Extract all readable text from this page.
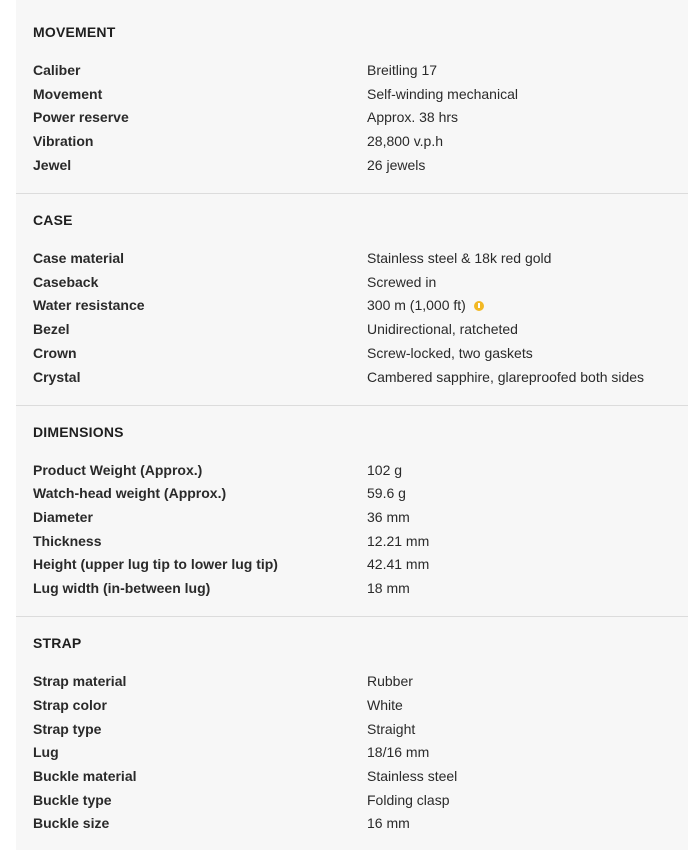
MOVEMENT
Caliber	Breitling 17
Movement	Self-winding mechanical
Power reserve	Approx. 38 hrs
Vibration	28,800 v.p.h
Jewel	26 jewels
CASE
Case material	Stainless steel & 18k red gold
Caseback	Screwed in
Water resistance	300 m (1,000 ft)
Bezel	Unidirectional, ratcheted
Crown	Screw-locked, two gaskets
Crystal	Cambered sapphire, glareproofed both sides
DIMENSIONS
Product Weight (Approx.)	102 g
Watch-head weight (Approx.)	59.6 g
Diameter	36 mm
Thickness	12.21 mm
Height (upper lug tip to lower lug tip)	42.41 mm
Lug width (in-between lug)	18 mm
STRAP
Strap material	Rubber
Strap color	White
Strap type	Straight
Lug	18/16 mm
Buckle material	Stainless steel
Buckle type	Folding clasp
Buckle size	16 mm
